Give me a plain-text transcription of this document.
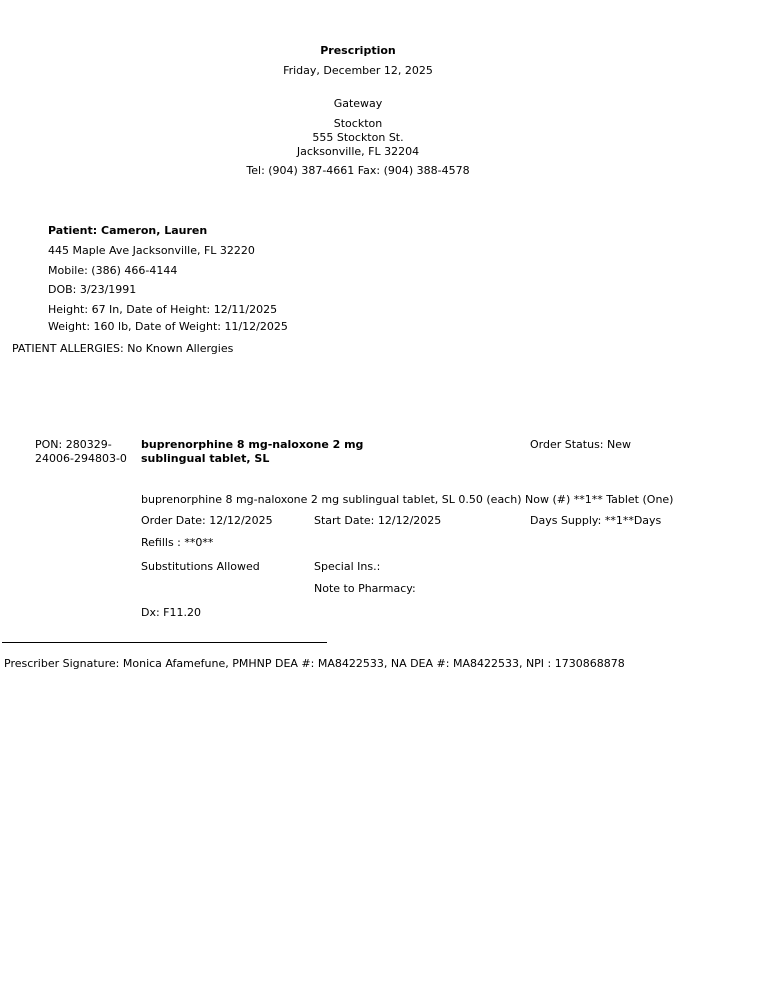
Prescription
Friday, December 12, 2025
Gateway
Stockton
555 Stockton St.
Jacksonville, FL 32204
Tel: (904) 387-4661 Fax: (904) 388-4578
Patient: Cameron, Lauren
445 Maple Ave Jacksonville, FL 32220
Mobile: (386) 466-4144
DOB: 3/23/1991
Height: 67 In, Date of Height: 12/11/2025
Weight: 160 lb, Date of Weight: 11/12/2025
PATIENT ALLERGIES: No Known Allergies
PON: 280329-
24006-294803-0
buprenorphine 8 mg-naloxone 2 mg
sublingual tablet, SL
Order Status: New
buprenorphine 8 mg-naloxone 2 mg sublingual tablet, SL 0.50 (each) Now (#) **1** Tablet (One)
Order Date: 12/12/2025	Start Date: 12/12/2025	Days Supply: **1**Days
Refills : **0**
Substitutions Allowed	Special Ins.:
Note to Pharmacy:
Dx: F11.20
Prescriber Signature: Monica Afamefune, PMHNP DEA #: MA8422533, NA DEA #: MA8422533, NPI : 1730868878
